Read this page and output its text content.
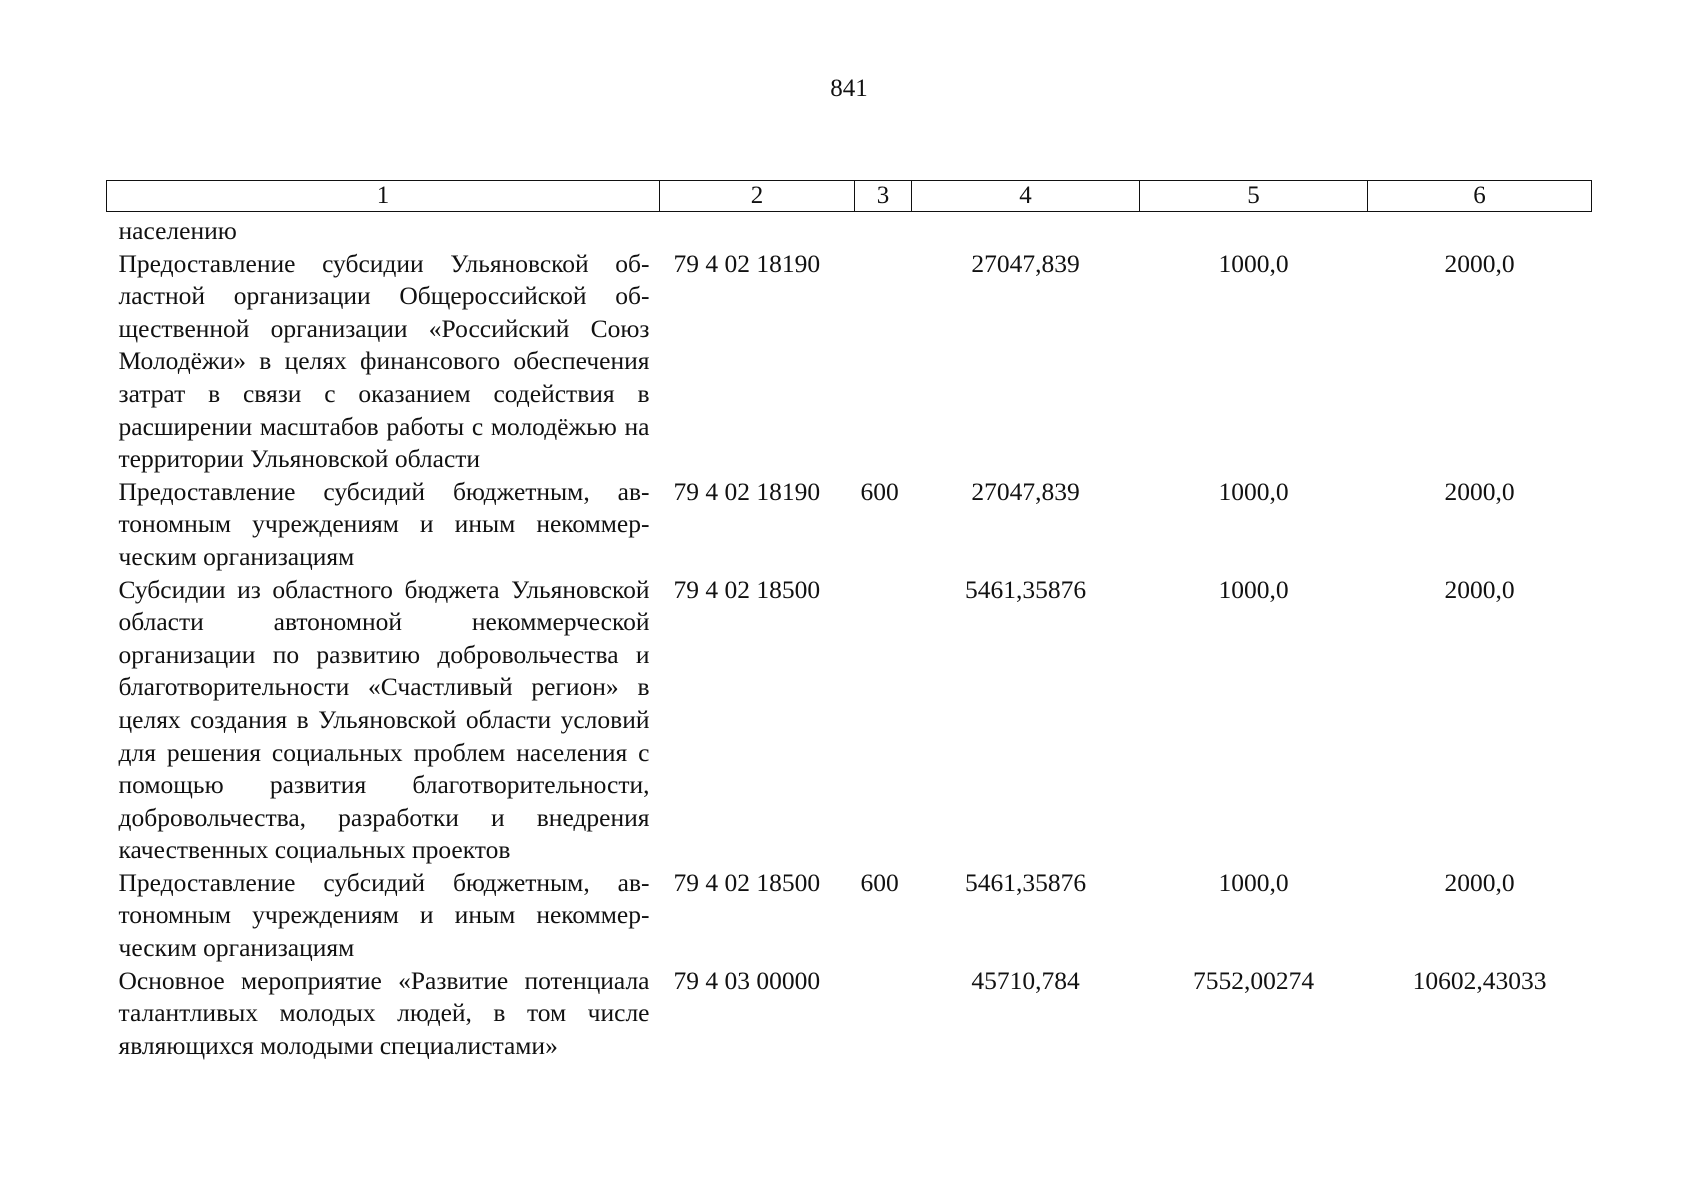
841
1	2	3	4	5	6

населению					
Предоставление субсидии Ульяновской областной организации Общероссийской общественной организации «Российский Союз Молодёжи» в целях финансового обеспечения затрат в связи с оказанием содействия в расширении масштабов работы с молодёжью на территории Ульяновской области	79 4 02 18190		27047,839	1000,0	2000,0
Предоставление субсидий бюджетным, автономным учреждениям и иным некоммерческим организациям	79 4 02 18190	600	27047,839	1000,0	2000,0
Субсидии из областного бюджета Ульяновской области автономной некоммерческой организации по развитию добровольчества и благотворительности «Счастливый регион» в целях создания в Ульяновской области условий для решения социальных проблем населения с помощью развития благотворительности, добровольчества, разработки и внедрения качественных социальных проектов	79 4 02 18500		5461,35876	1000,0	2000,0
Предоставление субсидий бюджетным, автономным учреждениям и иным некоммерческим организациям	79 4 02 18500	600	5461,35876	1000,0	2000,0
Основное мероприятие «Развитие потенциала талантливых молодых людей, в том числе являющихся молодыми специалистами»	79 4 03 00000		45710,784	7552,00274	10602,43033
